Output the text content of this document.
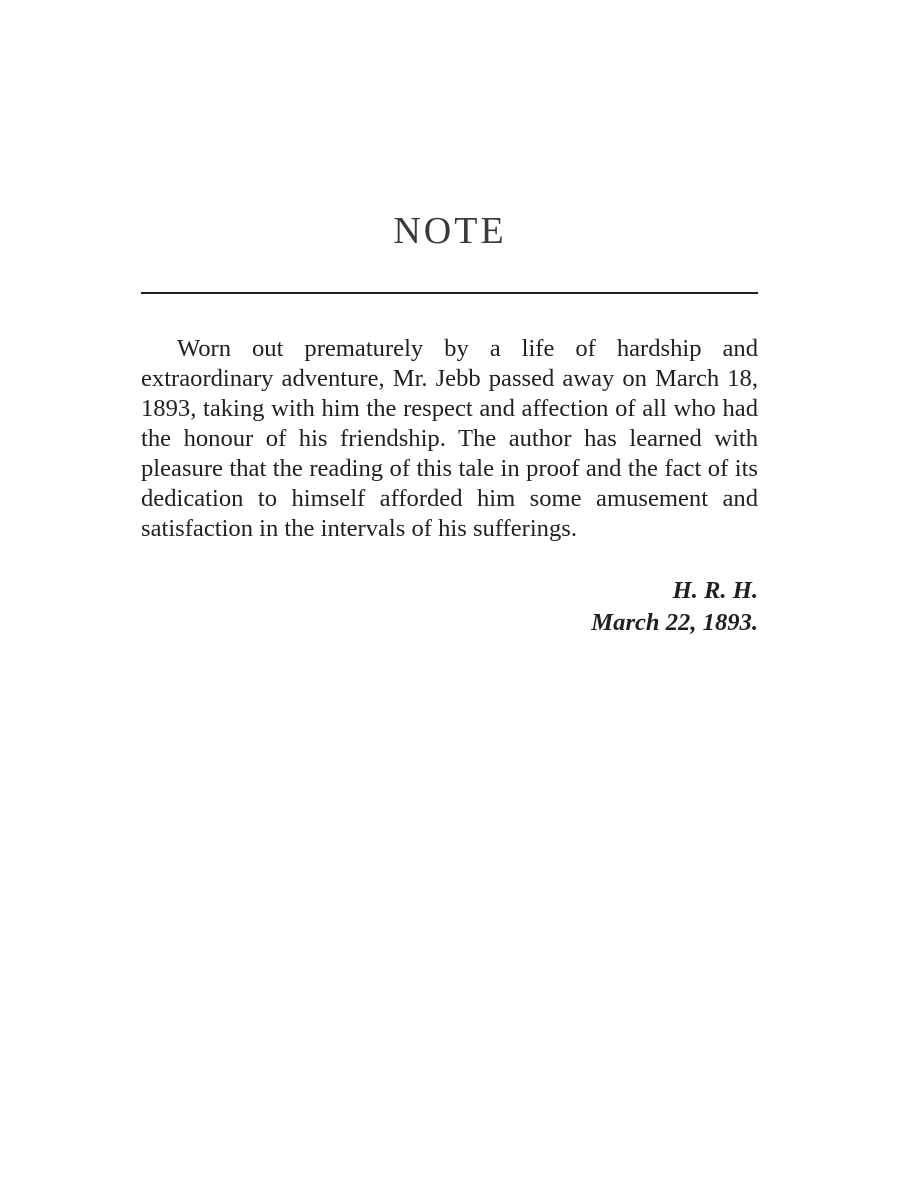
NOTE

Worn out prematurely by a life of hardship and extraordinary adventure, Mr. Jebb passed away on March 18, 1893, taking with him the respect and affection of all who had the honour of his friendship. The author has learned with pleasure that the reading of this tale in proof and the fact of its dedication to himself afforded him some amusement and satisfaction in the intervals of his sufferings.

H. R. H.
March 22, 1893.
